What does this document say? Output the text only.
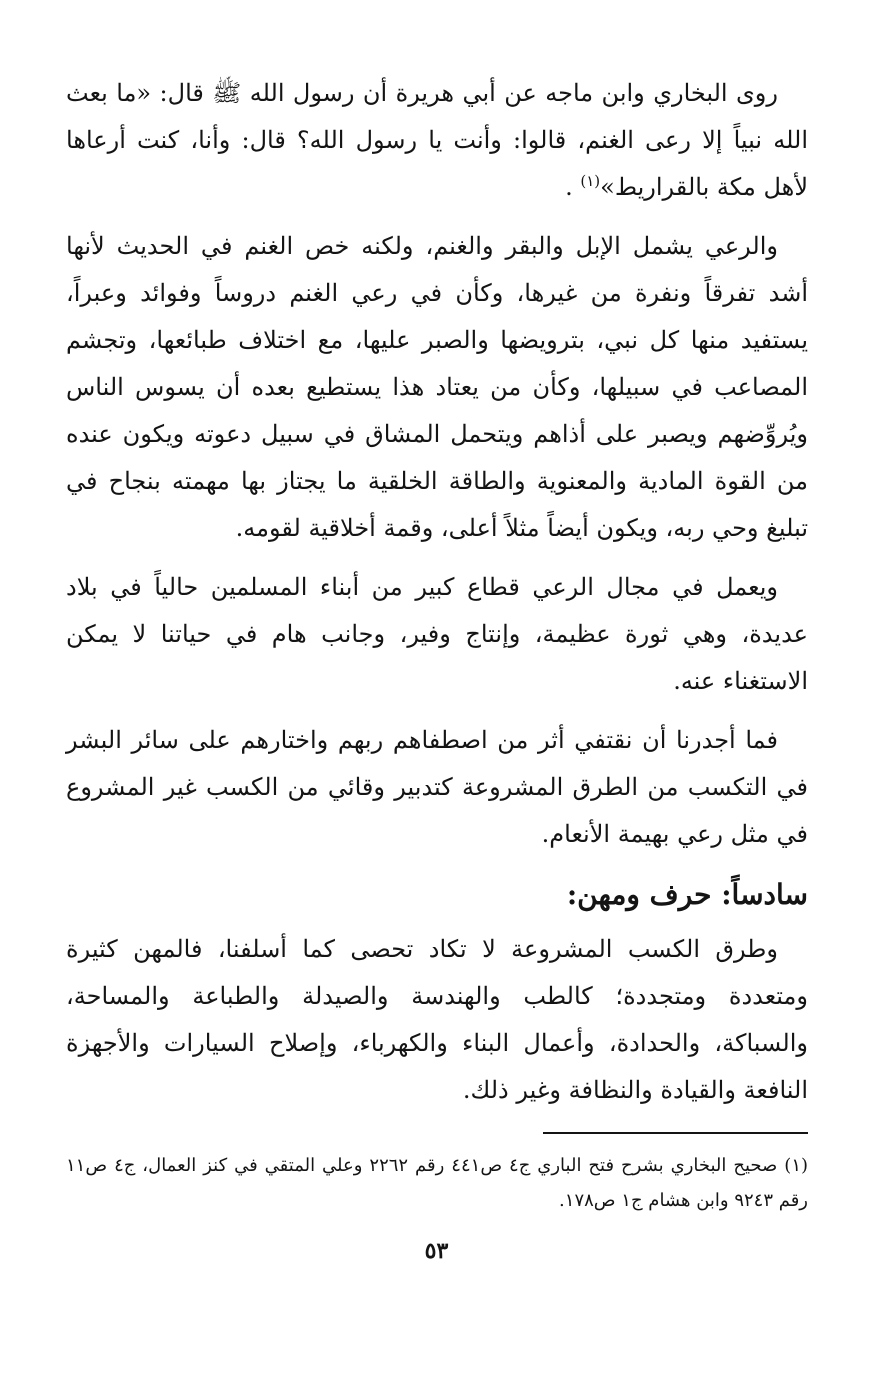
روى البخاري وابن ماجه عن أبي هريرة أن رسول الله ﷺ قال: «ما بعث الله نبياً إلا رعى الغنم، قالوا: وأنت يا رسول الله؟ قال: وأنا، كنت أرعاها لأهل مكة بالقراريط»$^{(١)}$ .

والرعي يشمل الإبل والبقر والغنم، ولكنه خص الغنم في الحديث لأنها أشد تفرقاً ونفرة من غيرها، وكأن في رعي الغنم دروساً وفوائد وعبراً، يستفيد منها كل نبي، بترويضها والصبر عليها، مع اختلاف طبائعها، وتجشم المصاعب في سبيلها، وكأن من يعتاد هذا يستطيع بعده أن يسوس الناس ويُروِّضهم ويصبر على أذاهم ويتحمل المشاق في سبيل دعوته ويكون عنده من القوة المادية والمعنوية والطاقة الخلقية ما يجتاز بها مهمته بنجاح في تبليغ وحي ربه، ويكون أيضاً مثلاً أعلى، وقمة أخلاقية لقومه.

ويعمل في مجال الرعي قطاع كبير من أبناء المسلمين حالياً في بلاد عديدة، وهي ثورة عظيمة، وإنتاج وفير، وجانب هام في حياتنا لا يمكن الاستغناء عنه.

فما أجدرنا أن نقتفي أثر من اصطفاهم ربهم واختارهم على سائر البشر في التكسب من الطرق المشروعة كتدبير وقائي من الكسب غير المشروع في مثل رعي بهيمة الأنعام.

سادساً: حرف ومهن:

وطرق الكسب المشروعة لا تكاد تحصى كما أسلفنا، فالمهن كثيرة ومتعددة ومتجددة؛ كالطب والهندسة والصيدلة والطباعة والمساحة، والسباكة، والحدادة، وأعمال البناء والكهرباء، وإصلاح السيارات والأجهزة النافعة والقيادة والنظافة وغير ذلك.

(١) صحيح البخاري بشرح فتح الباري ج٤ ص٤٤١ رقم ٢٢٦٢ وعلي المتقي في كنز العمال، ج٤ ص١١ رقم ٩٢٤٣ وابن هشام ج١ ص١٧٨.

٥٣
